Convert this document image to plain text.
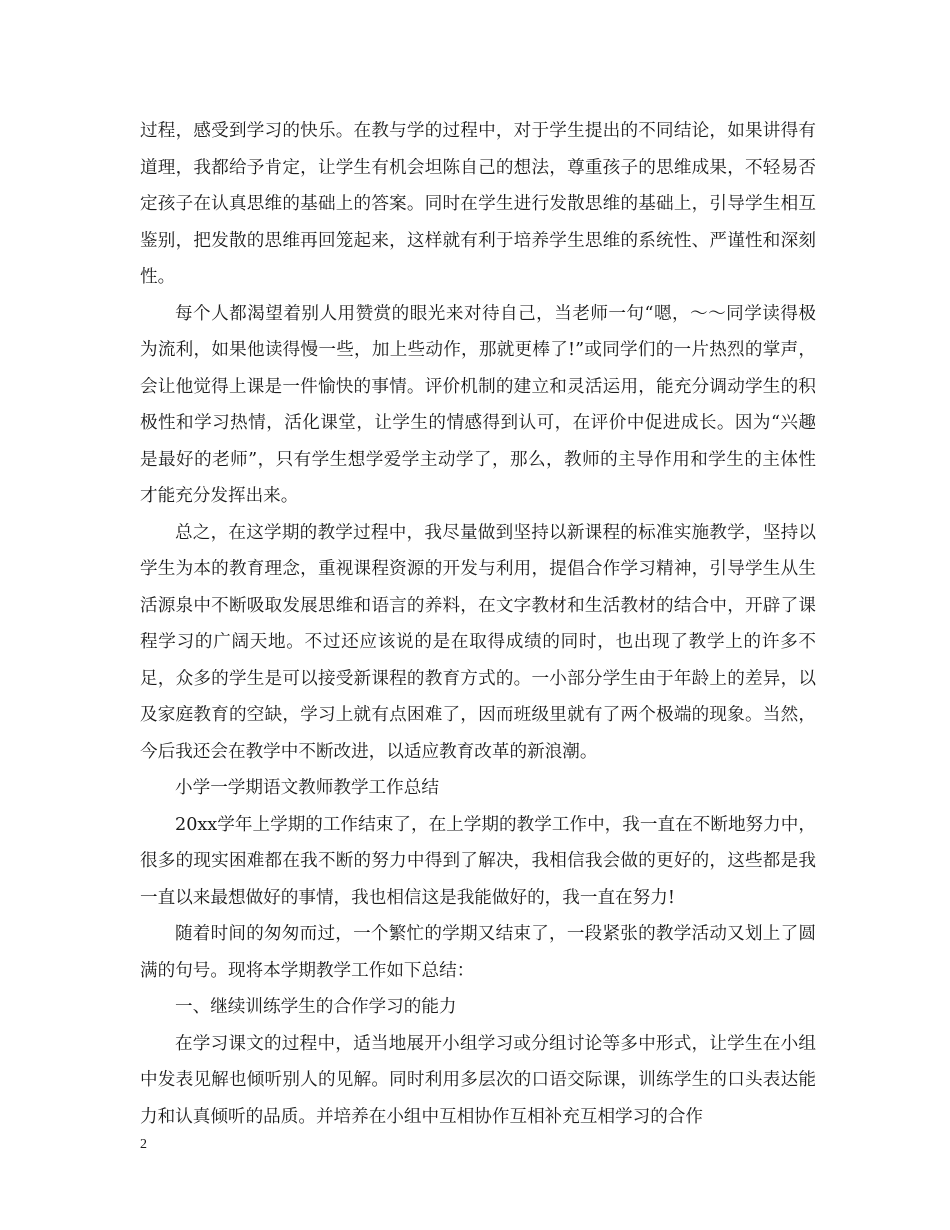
过程，感受到学习的快乐。在教与学的过程中，对于学生提出的不同结论，如果讲得有道理，我都给予肯定，让学生有机会坦陈自己的想法，尊重孩子的思维成果，不轻易否定孩子在认真思维的基础上的答案。同时在学生进行发散思维的基础上，引导学生相互鉴别，把发散的思维再回笼起来，这样就有利于培养学生思维的系统性、严谨性和深刻性。

每个人都渴望着别人用赞赏的眼光来对待自己，当老师一句“嗯，～～同学读得极为流利，如果他读得慢一些，加上些动作，那就更棒了!”或同学们的一片热烈的掌声，会让他觉得上课是一件愉快的事情。评价机制的建立和灵活运用，能充分调动学生的积极性和学习热情，活化课堂，让学生的情感得到认可，在评价中促进成长。因为“兴趣是最好的老师”，只有学生想学爱学主动学了，那么，教师的主导作用和学生的主体性才能充分发挥出来。

总之，在这学期的教学过程中，我尽量做到坚持以新课程的标准实施教学，坚持以学生为本的教育理念，重视课程资源的开发与利用，提倡合作学习精神，引导学生从生活源泉中不断吸取发展思维和语言的养料，在文字教材和生活教材的结合中，开辟了课程学习的广阔天地。不过还应该说的是在取得成绩的同时，也出现了教学上的许多不足，众多的学生是可以接受新课程的教育方式的。一小部分学生由于年龄上的差异，以及家庭教育的空缺，学习上就有点困难了，因而班级里就有了两个极端的现象。当然，今后我还会在教学中不断改进，以适应教育改革的新浪潮。

小学一学期语文教师教学工作总结

20xx学年上学期的工作结束了，在上学期的教学工作中，我一直在不断地努力中，很多的现实困难都在我不断的努力中得到了解决，我相信我会做的更好的，这些都是我一直以来最想做好的事情，我也相信这是我能做好的，我一直在努力!

随着时间的匆匆而过，一个繁忙的学期又结束了，一段紧张的教学活动又划上了圆满的句号。现将本学期教学工作如下总结：

一、继续训练学生的合作学习的能力

在学习课文的过程中，适当地展开小组学习或分组讨论等多中形式，让学生在小组中发表见解也倾听别人的见解。同时利用多层次的口语交际课，训练学生的口头表达能力和认真倾听的品质。并培养在小组中互相协作互相补充互相学习的合作

2
